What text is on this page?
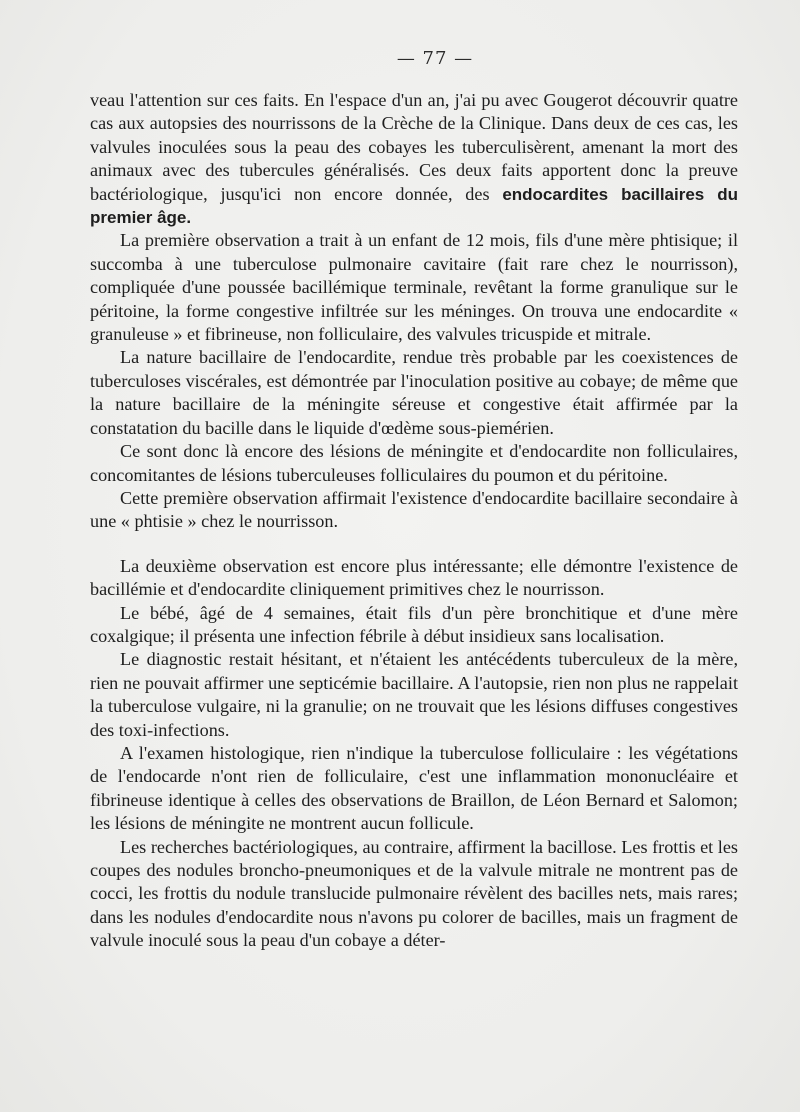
— 77 —

veau l'attention sur ces faits. En l'espace d'un an, j'ai pu avec Gougerot découvrir quatre cas aux autopsies des nourrissons de la Crèche de la Clinique. Dans deux de ces cas, les valvules inoculées sous la peau des cobayes les tuberculisèrent, amenant la mort des animaux avec des tubercules généralisés. Ces deux faits apportent donc la preuve bactériologique, jusqu'ici non encore donnée, des endocardites bacillaires du premier âge.

La première observation a trait à un enfant de 12 mois, fils d'une mère phtisique; il succomba à une tuberculose pulmonaire cavitaire (fait rare chez le nourrisson), compliquée d'une poussée bacillémique terminale, revêtant la forme granulique sur le péritoine, la forme congestive infiltrée sur les méninges. On trouva une endocardite « granuleuse » et fibrineuse, non folliculaire, des valvules tricuspide et mitrale.

La nature bacillaire de l'endocardite, rendue très probable par les coexistences de tuberculoses viscérales, est démontrée par l'inoculation positive au cobaye; de même que la nature bacillaire de la méningite séreuse et congestive était affirmée par la constatation du bacille dans le liquide d'œdème sous-piemérien.

Ce sont donc là encore des lésions de méningite et d'endocardite non folliculaires, concomitantes de lésions tuberculeuses folliculaires du poumon et du péritoine.

Cette première observation affirmait l'existence d'endocardite bacillaire secondaire à une « phtisie » chez le nourrisson.

La deuxième observation est encore plus intéressante; elle démontre l'existence de bacillémie et d'endocardite cliniquement primitives chez le nourrisson.

Le bébé, âgé de 4 semaines, était fils d'un père bronchitique et d'une mère coxalgique; il présenta une infection fébrile à début insidieux sans localisation.

Le diagnostic restait hésitant, et n'étaient les antécédents tuberculeux de la mère, rien ne pouvait affirmer une septicémie bacillaire. A l'autopsie, rien non plus ne rappelait la tuberculose vulgaire, ni la granulie; on ne trouvait que les lésions diffuses congestives des toxi-infections.

A l'examen histologique, rien n'indique la tuberculose folliculaire : les végétations de l'endocarde n'ont rien de folliculaire, c'est une inflammation mononucléaire et fibrineuse identique à celles des observations de Braillon, de Léon Bernard et Salomon; les lésions de méningite ne montrent aucun follicule.

Les recherches bactériologiques, au contraire, affirment la bacillose. Les frottis et les coupes des nodules broncho-pneumoniques et de la valvule mitrale ne montrent pas de cocci, les frottis du nodule translucide pulmonaire révèlent des bacilles nets, mais rares; dans les nodules d'endocardite nous n'avons pu colorer de bacilles, mais un fragment de valvule inoculé sous la peau d'un cobaye a déter-
